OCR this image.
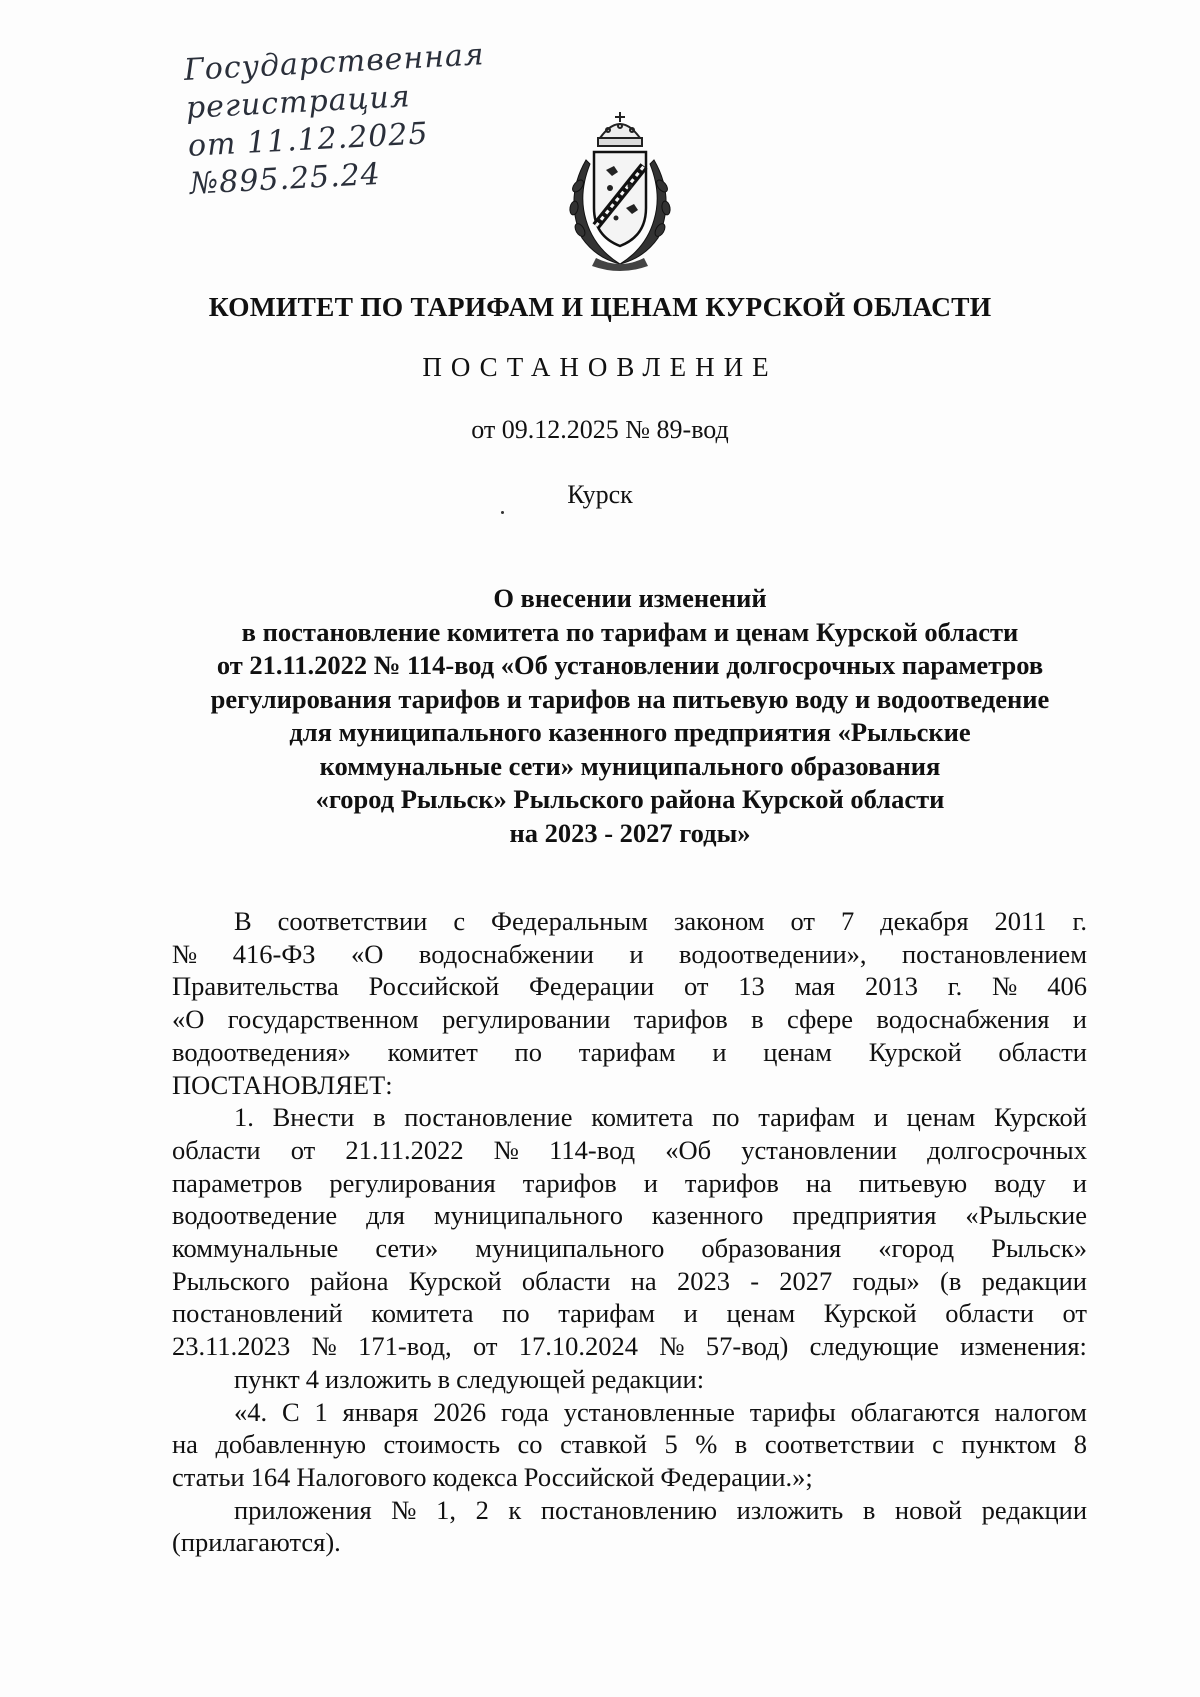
Государственная
регистрация
от 11.12.2025
№895.25.24
КОМИТЕТ ПО ТАРИФАМ И ЦЕНАМ КУРСКОЙ ОБЛАСТИ
ПОСТАНОВЛЕНИЕ
от 09.12.2025 № 89-вод
Курск
О внесении изменений
в постановление комитета по тарифам и ценам Курской области
от 21.11.2022 № 114-вод «Об установлении долгосрочных параметров
регулирования тарифов и тарифов на питьевую воду и водоотведение
для муниципального казенного предприятия «Рыльские
коммунальные сети» муниципального образования
«город Рыльск» Рыльского района Курской области
на 2023 - 2027 годы»
В соответствии с Федеральным законом от 7 декабря 2011 г.
№ 416-ФЗ «О водоснабжении и водоотведении», постановлением
Правительства Российской Федерации от 13 мая 2013 г. № 406
«О государственном регулировании тарифов в сфере водоснабжения и
водоотведения» комитет по тарифам и ценам Курской области
ПОСТАНОВЛЯЕТ:
1. Внести в постановление комитета по тарифам и ценам Курской
области от 21.11.2022 № 114-вод «Об установлении долгосрочных
параметров регулирования тарифов и тарифов на питьевую воду и
водоотведение для муниципального казенного предприятия «Рыльские
коммунальные сети» муниципального образования «город Рыльск»
Рыльского района Курской области на 2023 - 2027 годы» (в редакции
постановлений комитета по тарифам и ценам Курской области от
23.11.2023 № 171-вод, от 17.10.2024 № 57-вод) следующие изменения:
пункт 4 изложить в следующей редакции:
«4. С 1 января 2026 года установленные тарифы облагаются налогом
на добавленную стоимость со ставкой 5 % в соответствии с пунктом 8
статьи 164 Налогового кодекса Российской Федерации.»;
приложения № 1, 2 к постановлению изложить в новой редакции
(прилагаются).
